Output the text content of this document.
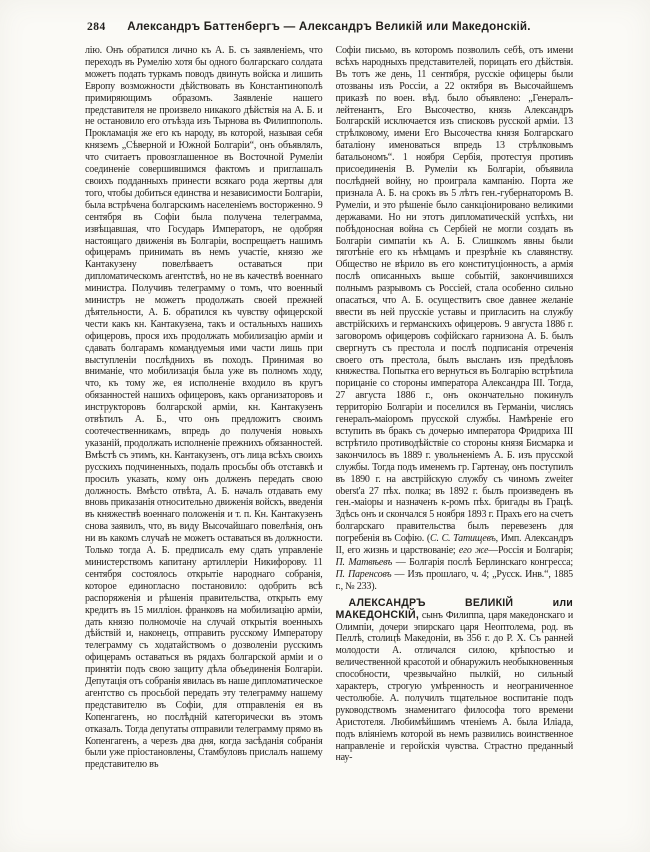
284	Александръ Баттенбергъ — Александръ Великій или Македонскій.

лію. Онъ обратился лично къ А. Б. съ заявленіемъ, что переходъ въ Румелію хотя бы одного болгарскаго солдата можетъ подать туркамъ поводъ двинуть войска и лишить Европу возможности дѣйствовать въ Константинополѣ примиряющимъ образомъ. Заявленіе нашего представителя не произвело никакого дѣйствія на А. Б. и не остановило его отъѣзда изъ Тырнова въ Филиппополь. Прокламація же его къ народу, въ которой, называя себя княземъ „Сѣверной и Южной Болгаріи“, онъ объявлялъ, что считаетъ провозглашенное въ Восточной Румеліи соединеніе совершившимся фактомъ и приглашалъ своихъ подданныхъ принести всякаго рода жертвы для того, чтобы добиться единства и независимости Болгаріи, была встрѣчена болгарскимъ населеніемъ восторженно. 9 сентября въ Софіи была получена телеграмма, извѣщавшая, что Государь Императоръ, не одобряя настоящаго движенія въ Болгаріи, воспрещаетъ нашимъ офицерамъ принимать въ немъ участіе, князю же Кантакузену повелѣваетъ оставаться при дипломатическомъ агентствѣ, но не въ качествѣ военнаго министра. Получивъ телеграмму о томъ, что военный министръ не можетъ продолжать своей прежней дѣятельности, А. Б. обратился къ чувству офицерской чести какъ кн. Кантакузена, такъ и остальныхъ нашихъ офицеровъ, прося ихъ продолжать мобилизацію арміи и сдавать болгарамъ командуемыя ими части лишь при выступленіи послѣднихъ въ походъ. Принимая во вниманіе, что мобилизація была уже въ полномъ ходу, что, къ тому же, ея исполненіе входило въ кругъ обязанностей нашихъ офицеровъ, какъ организаторовъ и инструкторовъ болгарской арміи, кн. Кантакузенъ отвѣтилъ А. Б., что онъ предложитъ своимъ соотечественникамъ, впредь до полученія новыхъ указаній, продолжать исполненіе прежнихъ обязанностей. Вмѣстѣ съ этимъ, кн. Кантакузенъ, отъ лица всѣхъ своихъ русскихъ подчиненныхъ, подалъ просьбы объ отставкѣ и просилъ указать, кому онъ долженъ передать свою должность. Вмѣсто отвѣта, А. Б. началъ отдавать ему вновь приказанія относительно движенія войскъ, введенія въ княжествѣ военнаго положенія и т. п. Кн. Кантакузенъ снова заявилъ, что, въ виду Высочайшаго повелѣнія, онъ ни въ какомъ случаѣ не можетъ оставаться въ должности. Только тогда А. Б. предписалъ ему сдать управленіе министерствомъ капитану артиллеріи Никифорову. 11 сентября состоялось открытіе народнаго собранія, которое единогласно постановило: одобрить всѣ распоряженія и рѣшенія правительства, открыть ему кредитъ въ 15 милліон. франковъ на мобилизацію арміи, дать князю полномочіе на случай открытія военныхъ дѣйствій и, наконецъ, отправить русскому Императору телеграмму съ ходатайствомъ о дозволеніи русскимъ офицерамъ оставаться въ рядахъ болгарской арміи и о принятіи подъ свою защиту дѣла объединенія Болгаріи. Депутація отъ собранія явилась въ наше дипломатическое агентство съ просьбой передать эту телеграмму нашему представителю въ Софіи, для отправленія ея въ Копенгагенъ, но послѣдній категорически въ этомъ отказалъ. Тогда депутаты отправили телеграмму прямо въ Копенгагенъ, а черезъ два дня, когда засѣданія собранія были уже пріостановлены, Стамбуловъ прислалъ нашему представителю въ

Софіи письмо, въ которомъ позволилъ себѣ, отъ имени всѣхъ народныхъ представителей, порицать его дѣйствія. Въ тотъ же день, 11 сентября, русскіе офицеры были отозваны изъ Россіи, а 22 октября въ Высочайшемъ приказѣ по воен. вѣд. было объявлено: „Генералъ-лейтенантъ, Его Высочество, князь Александръ Болгарскій исключается изъ списковъ русской арміи. 13 стрѣлковому, имени Его Высочества князя Болгарскаго баталіону именоваться впредь 13 стрѣлковымъ батальономъ“. 1 ноября Сербія, протестуя противъ присоединенія В. Румеліи къ Болгаріи, объявила послѣдней войну, но проиграла кампанію. Порта же признала А. Б. на срокъ въ 5 лѣтъ ген.-губернаторомъ В. Румеліи, и это рѣшеніе было санкціонировано великими державами. Но ни этотъ дипломатическій успѣхъ, ни побѣдоносная война съ Сербіей не могли создать въ Болгаріи симпатіи къ А. Б. Слишкомъ явны были тяготѣніе его къ нѣмцамъ и презрѣніе къ славянству. Общество не вѣрило въ его конституціонность, а армія послѣ описанныхъ выше событій, закончившихся полнымъ разрывомъ съ Россіей, стала особенно сильно опасаться, что А. Б. осуществитъ свое давнее желаніе ввести въ ней прусскіе уставы и пригласить на службу австрійскихъ и германскихъ офицеровъ. 9 августа 1886 г. заговоромъ офицеровъ софійскаго гарнизона А. Б. былъ свергнутъ съ престола и послѣ подписанія отреченія своего отъ престола, былъ высланъ изъ предѣловъ княжества. Попытка его вернуться въ Болгарію встрѣтила порицаніе со стороны императора Александра III. Тогда, 27 августа 1886 г., онъ окончательно покинулъ территорію Болгаріи и поселился въ Германіи, числясь генералъ-маіоромъ прусской службы. Намѣреніе его вступить въ бракъ съ дочерью императора Фридриха III встрѣтило противодѣйствіе со стороны князя Бисмарка и закончилось въ 1889 г. увольненіемъ А. Б. изъ прусской службы. Тогда подъ именемъ гр. Гартенау, онъ поступилъ въ 1890 г. на австрійскую службу съ чиномъ zweiter oberst'a 27 пѣх. полка; въ 1892 г. былъ произведенъ въ ген.-маіоры и назначенъ к-ромъ пѣх. бригады въ Грацѣ. Здѣсь онъ и скончался 5 ноября 1893 г. Прахъ его на счетъ болгарскаго правительства былъ перевезенъ для погребенія въ Софію. (С. С. Татищевъ, Имп. Александръ II, его жизнь и царствованіе; его же—Россія и Болгарія; П. Матвѣевъ — Болгарія послѣ Берлинскаго конгресса; П. Паренсовъ — Изъ прошлаго, ч. 4; „Русск. Инв.“, 1885 г., № 233).

АЛЕКСАНДРЪ ВЕЛИКІЙ или МАКЕДОНСКІЙ, сынъ Филиппа, царя македонскаго и Олимпіи, дочери эпирскаго царя Неоптолема, род. въ Пеллѣ, столицѣ Македоніи, въ 356 г. до Р. Х. Съ ранней молодости А. отличался силою, крѣпостью и величественной красотой и обнаружилъ необыкновенныя способности, чрезвычайно пылкій, но сильный характеръ, строгую умѣренность и неограниченное честолюбіе. А. получилъ тщательное воспитаніе подъ руководствомъ знаменитаго философа того времени Аристотеля. Любимѣйшимъ чтеніемъ А. была Иліада, подъ вліяніемъ которой въ немъ развились воинственное направленіе и геройскія чувства. Страстно преданный нау-
